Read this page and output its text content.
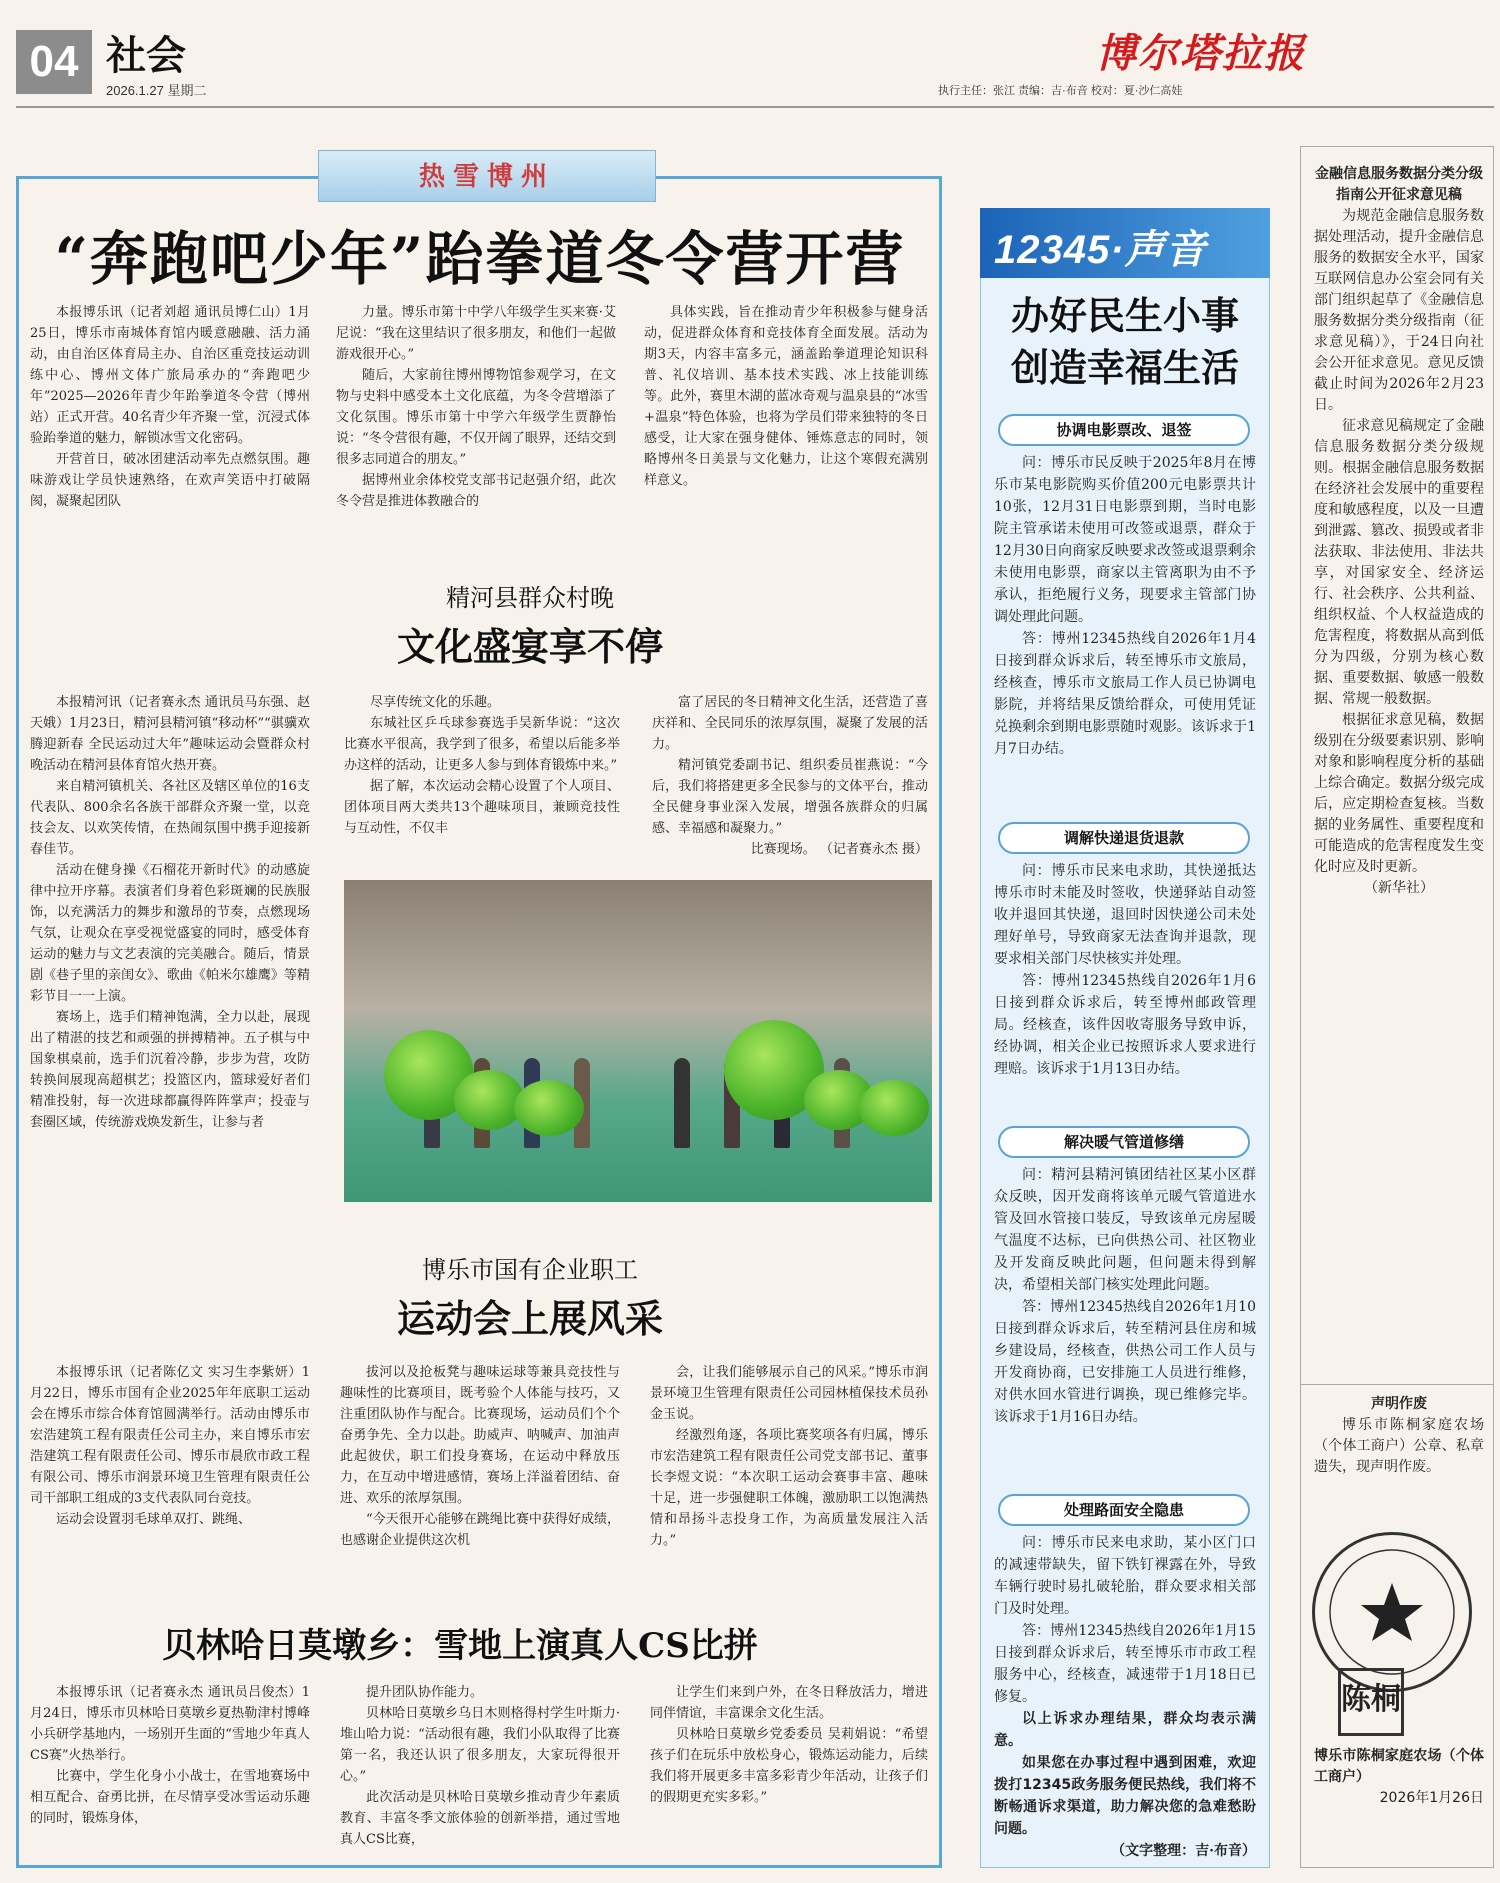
04 社会
2026.1.27 星期二
博尔塔拉报
执行主任：张江 责编：吉·布音 校对：夏·沙仁高娃
热雪博州
“奔跑吧少年”跆拳道冬令营开营

本报博乐讯（记者刘超 通讯员博仁山）1月25日，博乐市南城体育馆内暖意融融、活力涌动，由自治区体育局主办、自治区重竞技运动训练中心、博州文体广旅局承办的“奔跑吧少年”2025—2026年青少年跆拳道冬令营（博州站）正式开营。40名青少年齐聚一堂，沉浸式体验跆拳道的魅力，解锁冰雪文化密码。

开营首日，破冰团建活动率先点燃氛围。趣味游戏让学员快速熟络，在欢声笑语中打破隔阂，凝聚起团队

力量。博乐市第十中学八年级学生买来赛·艾尼说：“我在这里结识了很多朋友，和他们一起做游戏很开心。”

随后，大家前往博州博物馆参观学习，在文物与史料中感受本土文化底蕴，为冬令营增添了文化氛围。博乐市第十中学六年级学生贾静怡说：“冬令营很有趣，不仅开阔了眼界，还结交到很多志同道合的朋友。”

据博州业余体校党支部书记赵强介绍，此次冬令营是推进体教融合的

具体实践，旨在推动青少年积极参与健身活动，促进群众体育和竞技体育全面发展。活动为期3天，内容丰富多元，涵盖跆拳道理论知识科普、礼仪培训、基本技术实践、冰上技能训练等。此外，赛里木湖的蓝冰奇观与温泉县的“冰雪+温泉”特色体验，也将为学员们带来独特的冬日感受，让大家在强身健体、锤炼意志的同时，领略博州冬日美景与文化魅力，让这个寒假充满别样意义。

精河县群众村晚
文化盛宴享不停

本报精河讯（记者赛永杰 通讯员马东强、赵天娥）1月23日，精河县精河镇“移动杯”“骐骥欢腾迎新春 全民运动过大年”趣味运动会暨群众村晚活动在精河县体育馆火热开赛。

来自精河镇机关、各社区及辖区单位的16支代表队、800余名各族干部群众齐聚一堂，以竞技会友、以欢笑传情，在热闹氛围中携手迎接新春佳节。

活动在健身操《石榴花开新时代》的动感旋律中拉开序幕。表演者们身着色彩斑斓的民族服饰，以充满活力的舞步和激昂的节奏，点燃现场气氛，让观众在享受视觉盛宴的同时，感受体育运动的魅力与文艺表演的完美融合。随后，情景剧《巷子里的亲闺女》、歌曲《帕米尔雄鹰》等精彩节目一一上演。

赛场上，选手们精神饱满，全力以赴，展现出了精湛的技艺和顽强的拼搏精神。五子棋与中国象棋桌前，选手们沉着冷静，步步为营，攻防转换间展现高超棋艺；投篮区内，篮球爱好者们精准投射，每一次进球都赢得阵阵掌声；投壶与套圈区域，传统游戏焕发新生，让参与者

尽享传统文化的乐趣。

东城社区乒乓球参赛选手吴新华说：“这次比赛水平很高，我学到了很多，希望以后能多举办这样的活动，让更多人参与到体育锻炼中来。”

据了解，本次运动会精心设置了个人项目、团体项目两大类共13个趣味项目，兼顾竞技性与互动性，不仅丰

富了居民的冬日精神文化生活，还营造了喜庆祥和、全民同乐的浓厚氛围，凝聚了发展的活力。

精河镇党委副书记、组织委员崔燕说：“今后，我们将搭建更多全民参与的文体平台，推动全民健身事业深入发展，增强各族群众的归属感、幸福感和凝聚力。”

比赛现场。 （记者赛永杰 摄）

博乐市国有企业职工
运动会上展风采

本报博乐讯（记者陈亿文 实习生李紫妍）1月22日，博乐市国有企业2025年年底职工运动会在博乐市综合体育馆圆满举行。活动由博乐市宏浩建筑工程有限责任公司主办，来自博乐市宏浩建筑工程有限责任公司、博乐市晨欣市政工程有限公司、博乐市润景环境卫生管理有限责任公司干部职工组成的3支代表队同台竞技。

运动会设置羽毛球单双打、跳绳、

拔河以及抢板凳与趣味运球等兼具竞技性与趣味性的比赛项目，既考验个人体能与技巧，又注重团队协作与配合。比赛现场，运动员们个个奋勇争先、全力以赴。助威声、呐喊声、加油声此起彼伏，职工们投身赛场，在运动中释放压力，在互动中增进感情，赛场上洋溢着团结、奋进、欢乐的浓厚氛围。

“今天很开心能够在跳绳比赛中获得好成绩，也感谢企业提供这次机

会，让我们能够展示自己的风采。”博乐市润景环境卫生管理有限责任公司园林植保技术员孙金玉说。

经激烈角逐，各项比赛奖项各有归属，博乐市宏浩建筑工程有限责任公司党支部书记、董事长李煜文说：“本次职工运动会赛事丰富、趣味十足，进一步强健职工体魄，激励职工以饱满热情和昂扬斗志投身工作，为高质量发展注入活力。”

贝林哈日莫墩乡：雪地上演真人CS比拼

本报博乐讯（记者赛永杰 通讯员吕俊杰）1月24日，博乐市贝林哈日莫墩乡夏热勒津村博峰小兵研学基地内，一场别开生面的“雪地少年真人CS赛”火热举行。

比赛中，学生化身小小战士，在雪地赛场中相互配合、奋勇比拼，在尽情享受冰雪运动乐趣的同时，锻炼身体，

提升团队协作能力。

贝林哈日莫墩乡乌日木则格得村学生叶斯力·堆山哈力说：“活动很有趣，我们小队取得了比赛第一名，我还认识了很多朋友，大家玩得很开心。”

此次活动是贝林哈日莫墩乡推动青少年素质教育、丰富冬季文旅体验的创新举措，通过雪地真人CS比赛，

让学生们来到户外，在冬日释放活力，增进同伴情谊，丰富课余文化生活。

贝林哈日莫墩乡党委委员 吴莉娟说：“希望孩子们在玩乐中放松身心，锻炼运动能力，后续我们将开展更多丰富多彩青少年活动，让孩子们的假期更充实多彩。”

12345·声音
办好民生小事
创造幸福生活
协调电影票改、退签

问：博乐市民反映于2025年8月在博乐市某电影院购买价值200元电影票共计10张，12月31日电影票到期，当时电影院主管承诺未使用可改签或退票，群众于12月30日向商家反映要求改签或退票剩余未使用电影票，商家以主管离职为由不予承认，拒绝履行义务，现要求主管部门协调处理此问题。

答：博州12345热线自2026年1月4日接到群众诉求后，转至博乐市文旅局，经核查，博乐市文旅局工作人员已协调电影院，并将结果反馈给群众，可使用凭证兑换剩余到期电影票随时观影。该诉求于1月7日办结。

调解快递退货退款

问：博乐市民来电求助，其快递抵达博乐市时未能及时签收，快递驿站自动签收并退回其快递，退回时因快递公司未处理好单号，导致商家无法查询并退款，现要求相关部门尽快核实并处理。

答：博州12345热线自2026年1月6日接到群众诉求后，转至博州邮政管理局。经核查，该件因收寄服务导致申诉，经协调，相关企业已按照诉求人要求进行理赔。该诉求于1月13日办结。

解决暖气管道修缮

问：精河县精河镇团结社区某小区群众反映，因开发商将该单元暖气管道进水管及回水管接口装反，导致该单元房屋暖气温度不达标，已向供热公司、社区物业及开发商反映此问题，但问题未得到解决，希望相关部门核实处理此问题。

答：博州12345热线自2026年1月10日接到群众诉求后，转至精河县住房和城乡建设局，经核查，供热公司工作人员与开发商协商，已安排施工人员进行维修，对供水回水管进行调换，现已维修完毕。该诉求于1月16日办结。

处理路面安全隐患

问：博乐市民来电求助，某小区门口的减速带缺失，留下铁钉裸露在外，导致车辆行驶时易扎破轮胎，群众要求相关部门及时处理。

答：博州12345热线自2026年1月15日接到群众诉求后，转至博乐市市政工程服务中心，经核查，减速带于1月18日已修复。

以上诉求办理结果，群众均表示满意。

如果您在办事过程中遇到困难，欢迎拨打12345政务服务便民热线，我们将不断畅通诉求渠道，助力解决您的急难愁盼问题。

（文字整理：吉·布音）
金融信息服务数据分类分级指南公开征求意见稿

为规范金融信息服务数据处理活动，提升金融信息服务的数据安全水平，国家互联网信息办公室会同有关部门组织起草了《金融信息服务数据分类分级指南（征求意见稿）》，于24日向社会公开征求意见。意见反馈截止时间为2026年2月23日。

征求意见稿规定了金融信息服务数据分类分级规则。根据金融信息服务数据在经济社会发展中的重要程度和敏感程度，以及一旦遭到泄露、篡改、损毁或者非法获取、非法使用、非法共享，对国家安全、经济运行、社会秩序、公共利益、组织权益、个人权益造成的危害程度，将数据从高到低分为四级，分别为核心数据、重要数据、敏感一般数据、常规一般数据。

根据征求意见稿，数据级别在分级要素识别、影响对象和影响程度分析的基础上综合确定。数据分级完成后，应定期检查复核。当数据的业务属性、重要程度和可能造成的危害程度发生变化时应及时更新。

（新华社）
声明作废

博乐市陈桐家庭农场（个体工商户）公章、私章遗失，现声明作废。

陈桐
博乐市陈桐家庭农场（个体工商户）
2026年1月26日
